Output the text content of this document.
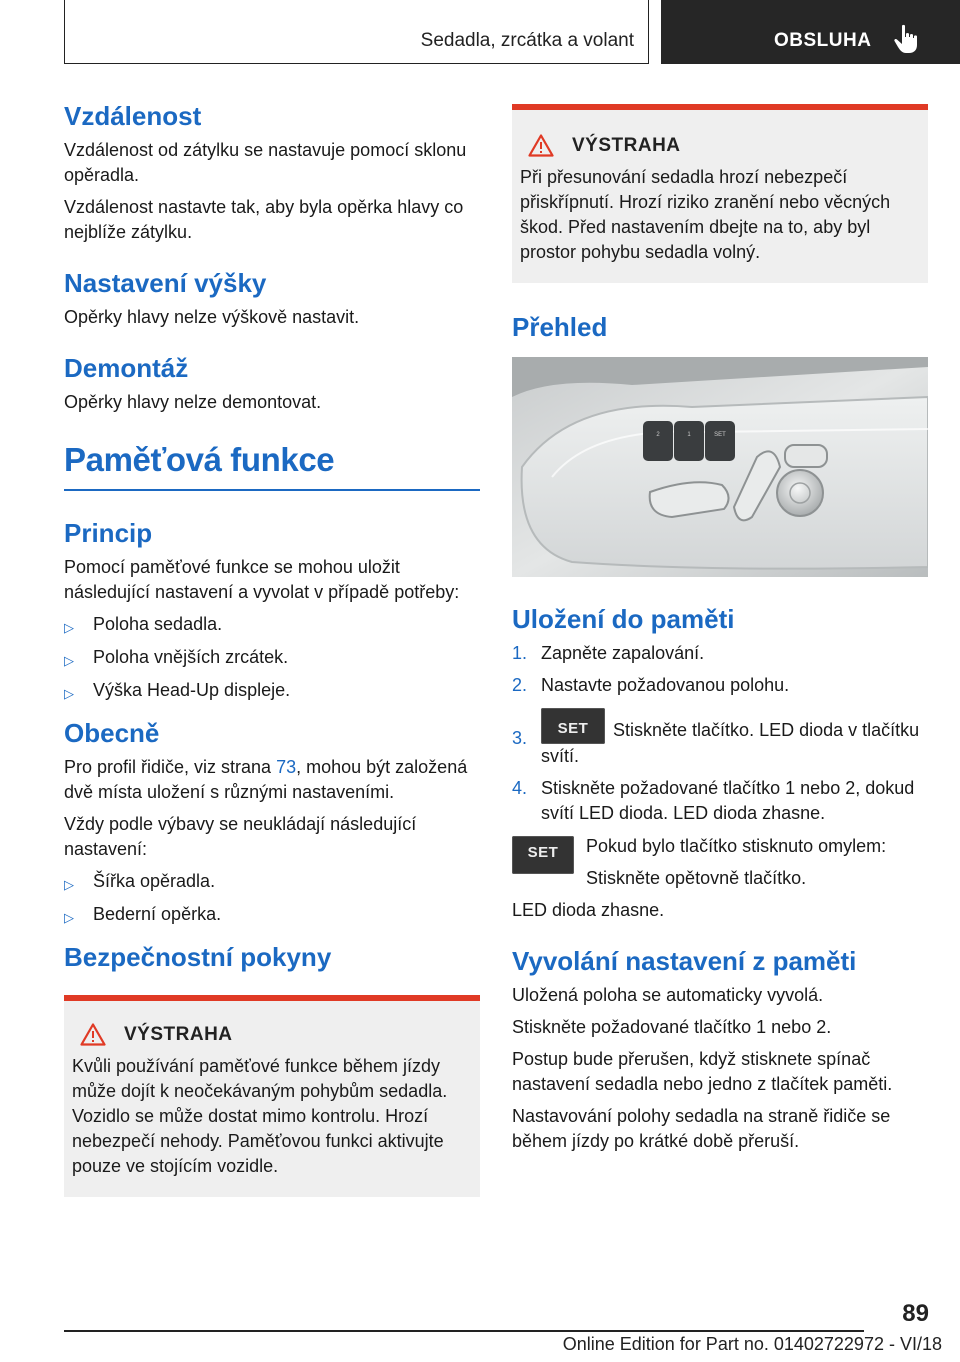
Sedadla, zrcátka a volant	OBSLUHA
Vzdálenost

Vzdálenost od zátylku se nastavuje pomocí sklonu opěradla.

Vzdálenost nastavte tak, aby byla opěrka hlavy co nejblíže zátylku.

Nastavení výšky

Opěrky hlavy nelze výškově nastavit.

Demontáž

Opěrky hlavy nelze demontovat.

Paměťová funkce
Princip

Pomocí paměťové funkce se mohou uložit následující nastavení a vyvolat v případě potřeby:

▷ Poloha sedadla.
▷ Poloha vnějších zrcátek.
▷ Výška Head-Up displeje.
Obecně

Pro profil řidiče, viz strana 73, mohou být založená dvě místa uložení s různými nastaveními.

Vždy podle výbavy se neukládají následující nastavení:

▷ Šířka opěradla.
▷ Bederní opěrka.
Bezpečnostní pokyny
VÝSTRAHA

Kvůli používání paměťové funkce během jízdy může dojít k neočekávaným pohybům sedadla. Vozidlo se může dostat mimo kontrolu. Hrozí nebezpečí nehody. Paměťovou funkci aktivujte pouze ve stojícím vozidle.

VÝSTRAHA

Při přesunování sedadla hrozí nebezpečí přiskřípnutí. Hrozí riziko zranění nebo věcných škod. Před nastavením dbejte na to, aby byl prostor pohybu sedadla volný.

Přehled
2	1	SET
Uložení do paměti
1. Zapněte zapalování.
2. Nastavte požadovanou polohu.
3.	SET	Stiskněte tlačítko. LED dioda v tlačítku svítí.
4. Stiskněte požadované tlačítko 1 nebo 2, dokud svítí LED dioda. LED dioda zhasne.
SET	Pokud bylo tlačítko stisknuto omylem:

Stiskněte opětovně tlačítko.

LED dioda zhasne.

Vyvolání nastavení z paměti

Uložená poloha se automaticky vyvolá.

Stiskněte požadované tlačítko 1 nebo 2.

Postup bude přerušen, když stisknete spínač nastavení sedadla nebo jedno z tlačítek paměti.

Nastavování polohy sedadla na straně řidiče se během jízdy po krátké době přeruší.

89
Online Edition for Part no. 01402722972 - VI/18
